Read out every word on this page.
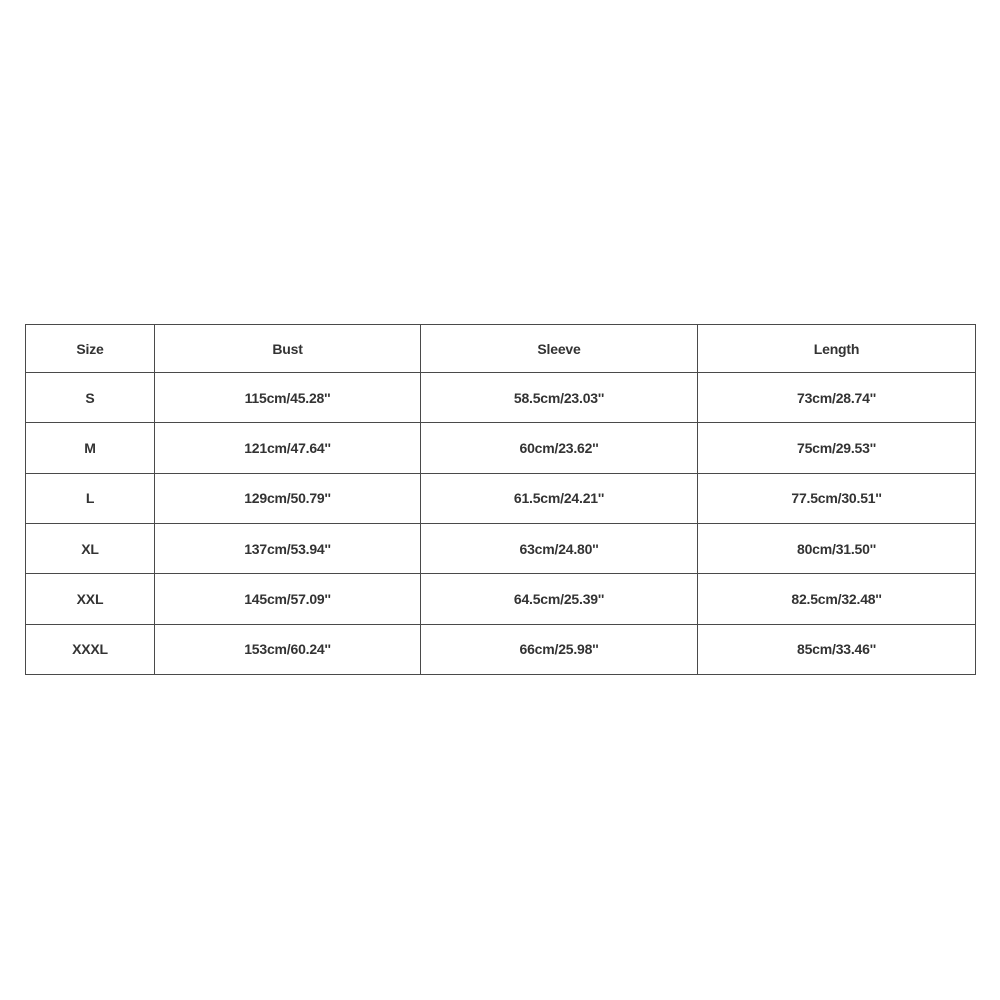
Size	Bust	Sleeve	Length
S	115cm/45.28''	58.5cm/23.03''	73cm/28.74''
M	121cm/47.64''	60cm/23.62''	75cm/29.53''
L	129cm/50.79''	61.5cm/24.21''	77.5cm/30.51''
XL	137cm/53.94''	63cm/24.80''	80cm/31.50''
XXL	145cm/57.09''	64.5cm/25.39''	82.5cm/32.48''
XXXL	153cm/60.24''	66cm/25.98''	85cm/33.46''
